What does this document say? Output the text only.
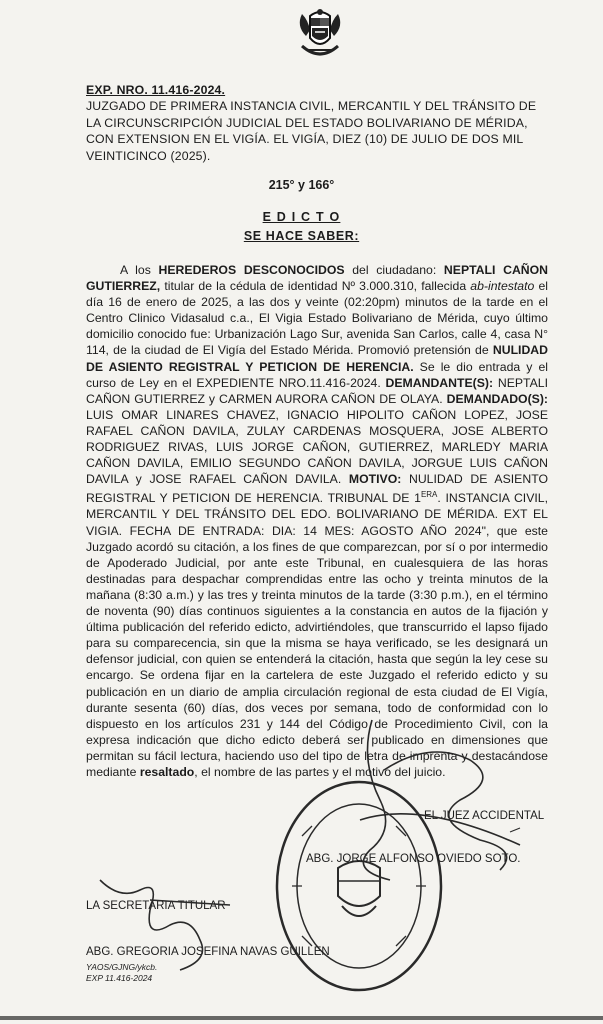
EXP. NRO. 11.416-2024.
JUZGADO DE PRIMERA INSTANCIA CIVIL, MERCANTIL Y DEL TRÁNSITO DE
LA CIRCUNSCRIPCIÓN JUDICIAL DEL ESTADO BOLIVARIANO DE MÉRIDA,
CON EXTENSION EN EL VIGÍA. EL VIGÍA, DIEZ (10) DE JULIO DE DOS MIL
VEINTICINCO (2025).
215° y 166°
E D I C T O
SE HACE SABER:
A los HEREDEROS DESCONOCIDOS del ciudadano: NEPTALI CAÑON GUTIERREZ, titular de la cédula de identidad Nº 3.000.310, fallecida ab-intestato el día 16 de enero de 2025, a las dos y veinte (02:20pm) minutos de la tarde en el Centro Clinico Vidasalud c.a., El Vigia Estado Bolivariano de Mérida, cuyo último domicilio conocido fue: Urbanización Lago Sur, avenida San Carlos, calle 4, casa N° 114, de la ciudad de El Vigía del Estado Mérida. Promovió pretensión de NULIDAD DE ASIENTO REGISTRAL Y PETICION DE HERENCIA. Se le dio entrada y el curso de Ley en el EXPEDIENTE NRO.11.416-2024. DEMANDANTE(S): NEPTALI CAÑON GUTIERREZ y CARMEN AURORA CAÑON DE OLAYA. DEMANDADO(S): LUIS OMAR LINARES CHAVEZ, IGNACIO HIPOLITO CAÑON LOPEZ, JOSE RAFAEL CAÑON DAVILA, ZULAY CARDENAS MOSQUERA, JOSE ALBERTO RODRIGUEZ RIVAS, LUIS JORGE CAÑON, GUTIERREZ, MARLEDY MARIA CAÑON DAVILA, EMILIO SEGUNDO CAÑON DAVILA, JORGUE LUIS CAÑON DAVILA y JOSE RAFAEL CAÑON DAVILA. MOTIVO: NULIDAD DE ASIENTO REGISTRAL Y PETICION DE HERENCIA. TRIBUNAL DE $1^{ERA}$. INSTANCIA CIVIL, MERCANTIL Y DEL TRÁNSITO DEL EDO. BOLIVARIANO DE MÉRIDA. EXT EL VIGIA. FECHA DE ENTRADA: DIA: 14 MES: AGOSTO AÑO 2024", que este Juzgado acordó su citación, a los fines de que comparezcan, por sí o por intermedio de Apoderado Judicial, por ante este Tribunal, en cualesquiera de las horas destinadas para despachar comprendidas entre las ocho y treinta minutos de la mañana (8:30 a.m.) y las tres y treinta minutos de la tarde (3:30 p.m.), en el término de noventa (90) días continuos siguientes a la constancia en autos de la fijación y última publicación del referido edicto, advirtiéndoles, que transcurrido el lapso fijado para su comparecencia, sin que la misma se haya verificado, se les designará un defensor judicial, con quien se entenderá la citación, hasta que según la ley cese su encargo. Se ordena fijar en la cartelera de este Juzgado el referido edicto y su publicación en un diario de amplia circulación regional de esta ciudad de El Vigía, durante sesenta (60) días, dos veces por semana, todo de conformidad con lo dispuesto en los artículos 231 y 144 del Código de Procedimiento Civil, con la expresa indicación que dicho edicto deberá ser publicado en dimensiones que permitan su fácil lectura, haciendo uso del tipo de letra de imprenta y destacándose mediante resaltado, el nombre de las partes y el motivo del juicio.
EL JUEZ ACCIDENTAL
ABG. JORGE ALFONSO OVIEDO SOTO.
LA SECRETARIA TITULAR
ABG. GREGORIA JOSEFINA NAVAS GUILLEN
YAOS/GJNG/ykcb.
EXP 11.416-2024
